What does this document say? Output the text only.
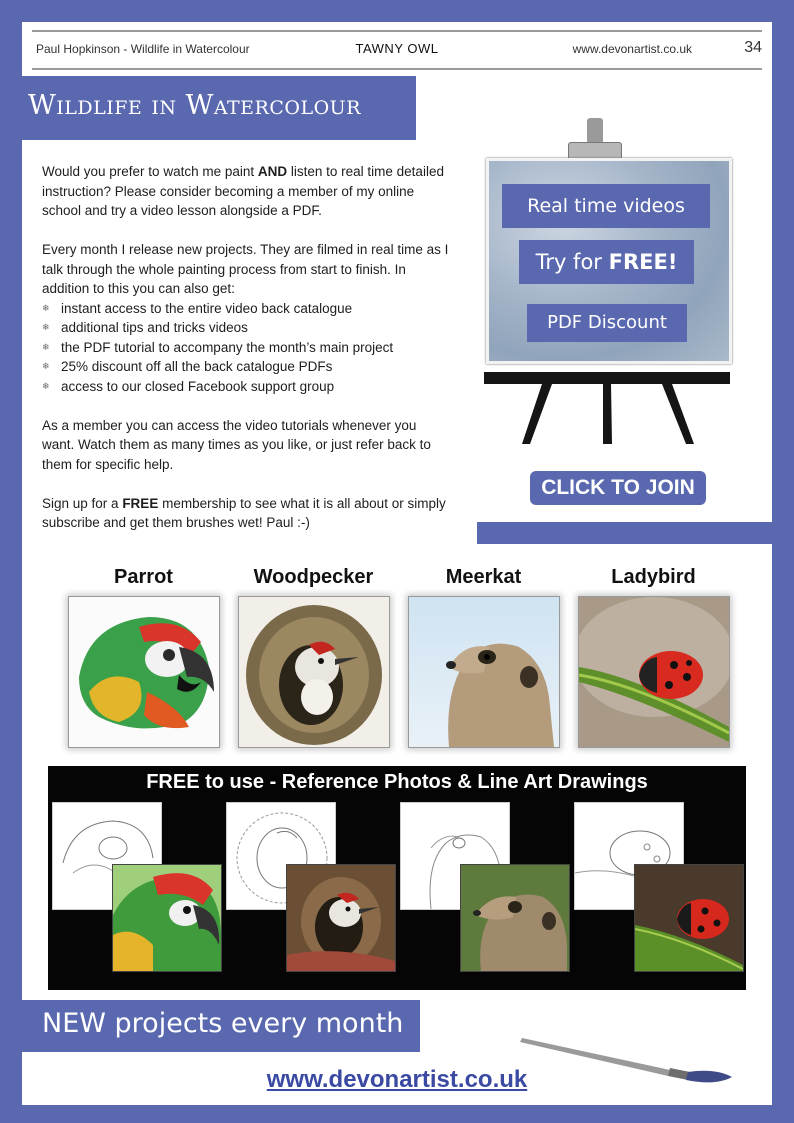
Paul Hopkinson - Wildlife in Watercolour	TAWNY OWL	www.devonartist.co.uk	34
Wildlife in Watercolour

Would you prefer to watch me paint AND listen to real time detailed instruction? Please consider becoming a member of my online school and try a video lesson alongside a PDF.

Every month I release new projects. They are filmed in real time as I talk through the whole painting process from start to finish. In addition to this you can also get:

❄ instant access to the entire video back catalogue
❄ additional tips and tricks videos
❄ the PDF tutorial to accompany the month’s main project
❄ 25% discount off all the back catalogue PDFs
❄ access to our closed Facebook support group

As a member you can access the video tutorials whenever you want. Watch them as many times as you like, or just refer back to them for specific help.

Sign up for a FREE membership to see what it is all about or simply subscribe and get them brushes wet! Paul :-)

Real time videos
Try for FREE!
PDF Discount
CLICK TO JOIN
Parrot	Woodpecker	Meerkat	Ladybird
FREE to use - Reference Photos & Line Art Drawings
NEW projects every month
www.devonartist.co.uk
